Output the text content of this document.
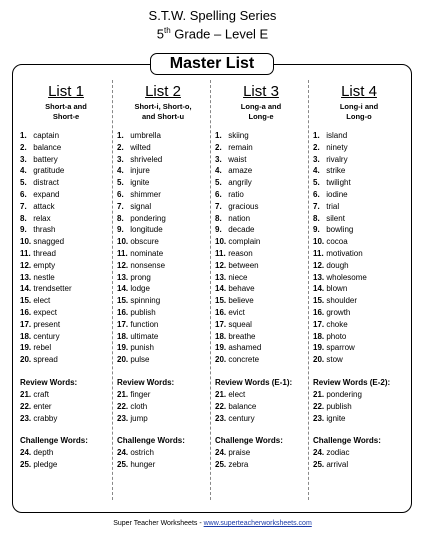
S.T.W. Spelling Series
5th Grade – Level E
Master List
List 1
Short-a and
Short-e
1. captain
2. balance
3. battery
4. gratitude
5. distract
6. expand
7. attack
8. relax
9. thrash
10. snagged
11. thread
12. empty
13. nestle
14. trendsetter
15. elect
16. expect
17. present
18. century
19. rebel
20. spread
Review Words:
21. craft
22. enter
23. crabby
Challenge Words:
24. depth
25. pledge
List 2
Short-i, Short-o,
and Short-u
1. umbrella
2. wilted
3. shriveled
4. injure
5. ignite
6. shimmer
7. signal
8. pondering
9. longitude
10. obscure
11. nominate
12. nonsense
13. prong
14. lodge
15. spinning
16. publish
17. function
18. ultimate
19. punish
20. pulse
Review Words:
21. finger
22. cloth
23. jump
Challenge Words:
24. ostrich
25. hunger
List 3
Long-a and
Long-e
1. skiing
2. remain
3. waist
4. amaze
5. angrily
6. ratio
7. gracious
8. nation
9. decade
10. complain
11. reason
12. between
13. niece
14. behave
15. believe
16. evict
17. squeal
18. breathe
19. ashamed
20. concrete
Review Words (E-1):
21. elect
22. balance
23. century
Challenge Words:
24. praise
25. zebra
List 4
Long-i and
Long-o
1. island
2. ninety
3. rivalry
4. strike
5. twilight
6. iodine
7. trial
8. silent
9. bowling
10. cocoa
11. motivation
12. dough
13. wholesome
14. blown
15. shoulder
16. growth
17. choke
18. photo
19. sparrow
20. stow
Review Words (E-2):
21. pondering
22. publish
23. ignite
Challenge Words:
24. zodiac
25. arrival
Super Teacher Worksheets - www.superteacherworksheets.com
